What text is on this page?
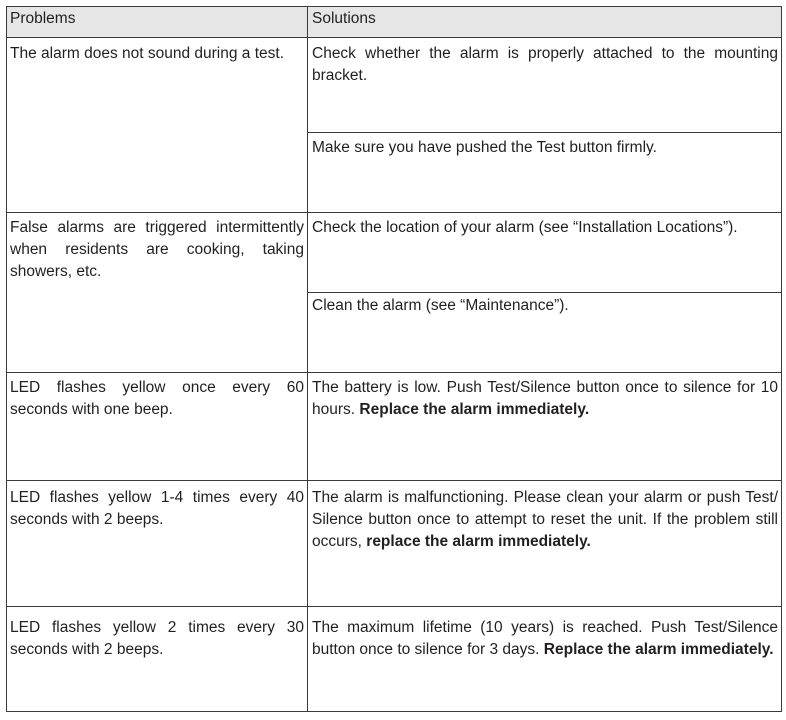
Problems	Solutions
The alarm does not sound during a test.	Check whether the alarm is properly attached to the mounting bracket.
Make sure you have pushed the Test button firmly.
False alarms are triggered intermittently when residents are cooking, taking showers, etc.
Check the location of your alarm (see “Installation Locations”).
Clean the alarm (see “Maintenance”).
LED flashes yellow once every 60 seconds with one beep.
The battery is low. Push Test/Silence button once to silence for 10 hours. Replace the alarm immediately.
LED flashes yellow 1-4 times every 40 seconds with 2 beeps.
The alarm is malfunctioning. Please clean your alarm or push Test/ Silence button once to attempt to reset the unit. If the problem still occurs, replace the alarm immediately.
LED flashes yellow 2 times every 30 seconds with 2 beeps.
The maximum lifetime (10 years) is reached. Push Test/Silence button once to silence for 3 days. Replace the alarm immediately.
